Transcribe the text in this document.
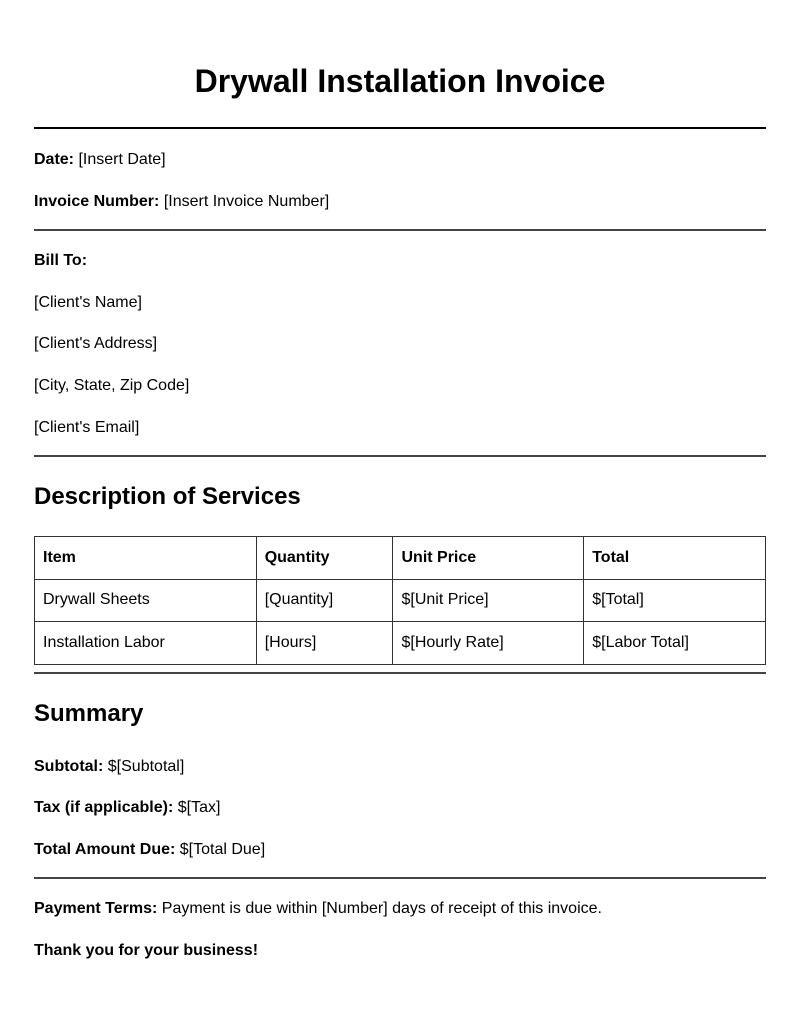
Drywall Installation Invoice
Date: [Insert Date]
Invoice Number: [Insert Invoice Number]
Bill To:
[Client's Name]
[Client's Address]
[City, State, Zip Code]
[Client's Email]
Description of Services
Item	Quantity	Unit Price	Total
Drywall Sheets	[Quantity]	$[Unit Price]	$[Total]
Installation Labor	[Hours]	$[Hourly Rate]	$[Labor Total]
Summary
Subtotal: $[Subtotal]
Tax (if applicable): $[Tax]
Total Amount Due: $[Total Due]
Payment Terms: Payment is due within [Number] days of receipt of this invoice.
Thank you for your business!
